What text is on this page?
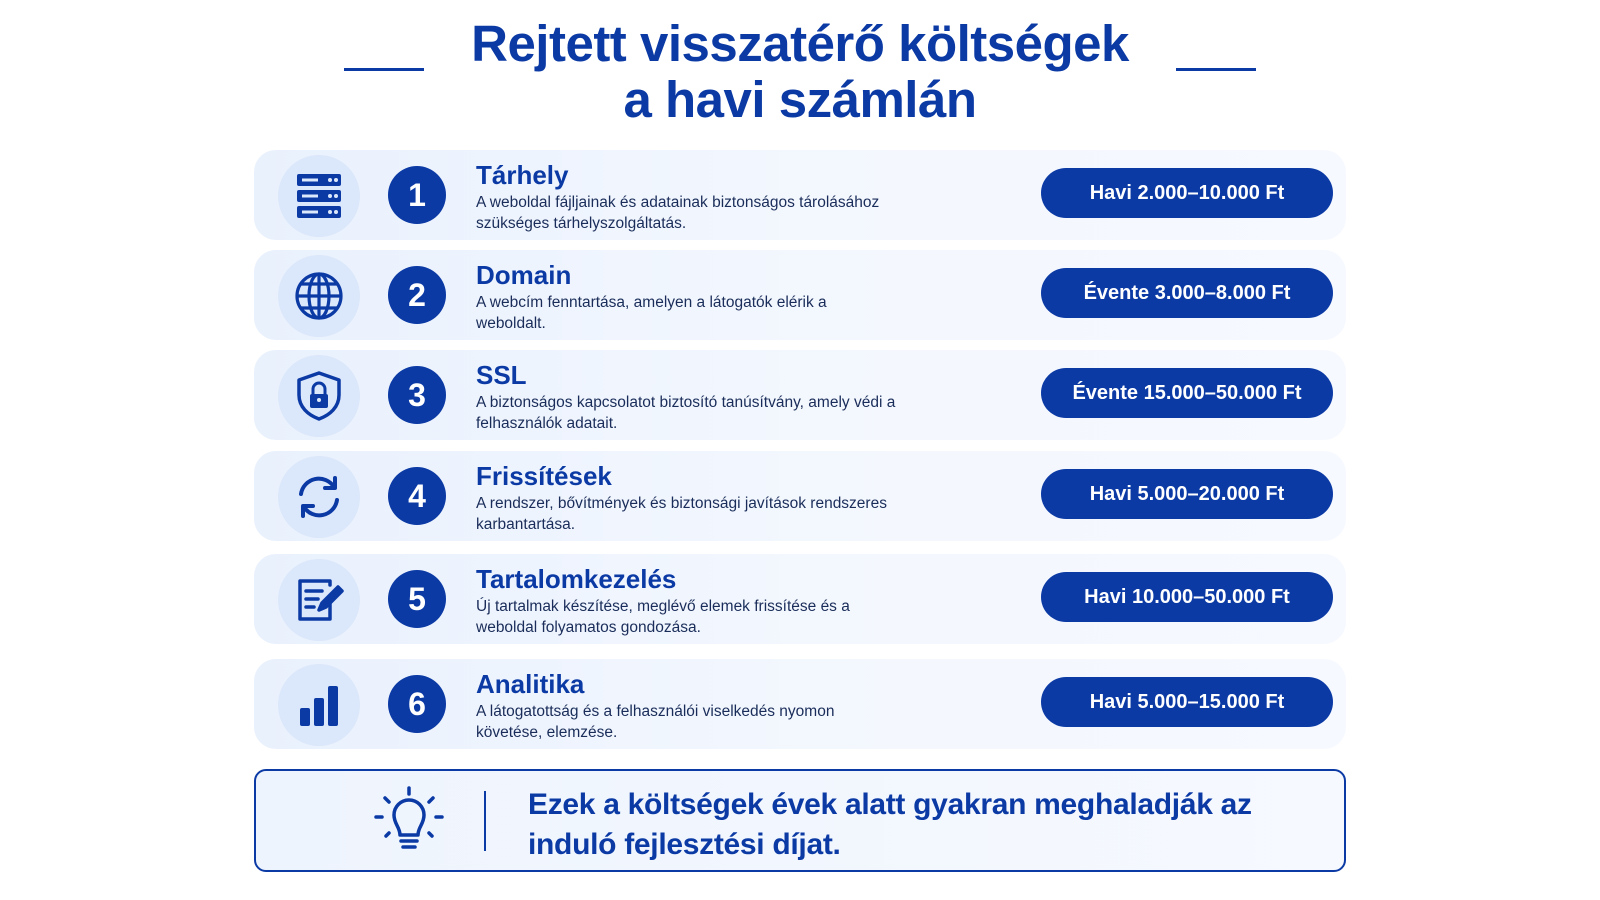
Rejtett visszatérő költségek
a havi számlán
1
Tárhely
A weboldal fájljainak és adatainak biztonságos tárolásához szükséges tárhelyszolgáltatás.
Havi 2.000–10.000 Ft
2
Domain
A webcím fenntartása, amelyen a látogatók elérik a weboldalt.
Évente 3.000–8.000 Ft
3
SSL
A biztonságos kapcsolatot biztosító tanúsítvány, amely védi a felhasználók adatait.
Évente 15.000–50.000 Ft
4
Frissítések
A rendszer, bővítmények és biztonsági javítások rendszeres karbantartása.
Havi 5.000–20.000 Ft
5
Tartalomkezelés
Új tartalmak készítése, meglévő elemek frissítése és a weboldal folyamatos gondozása.
Havi 10.000–50.000 Ft
6
Analitika
A látogatottság és a felhasználói viselkedés nyomon követése, elemzése.
Havi 5.000–15.000 Ft
Ezek a költségek évek alatt gyakran meghaladják az induló fejlesztési díjat.
